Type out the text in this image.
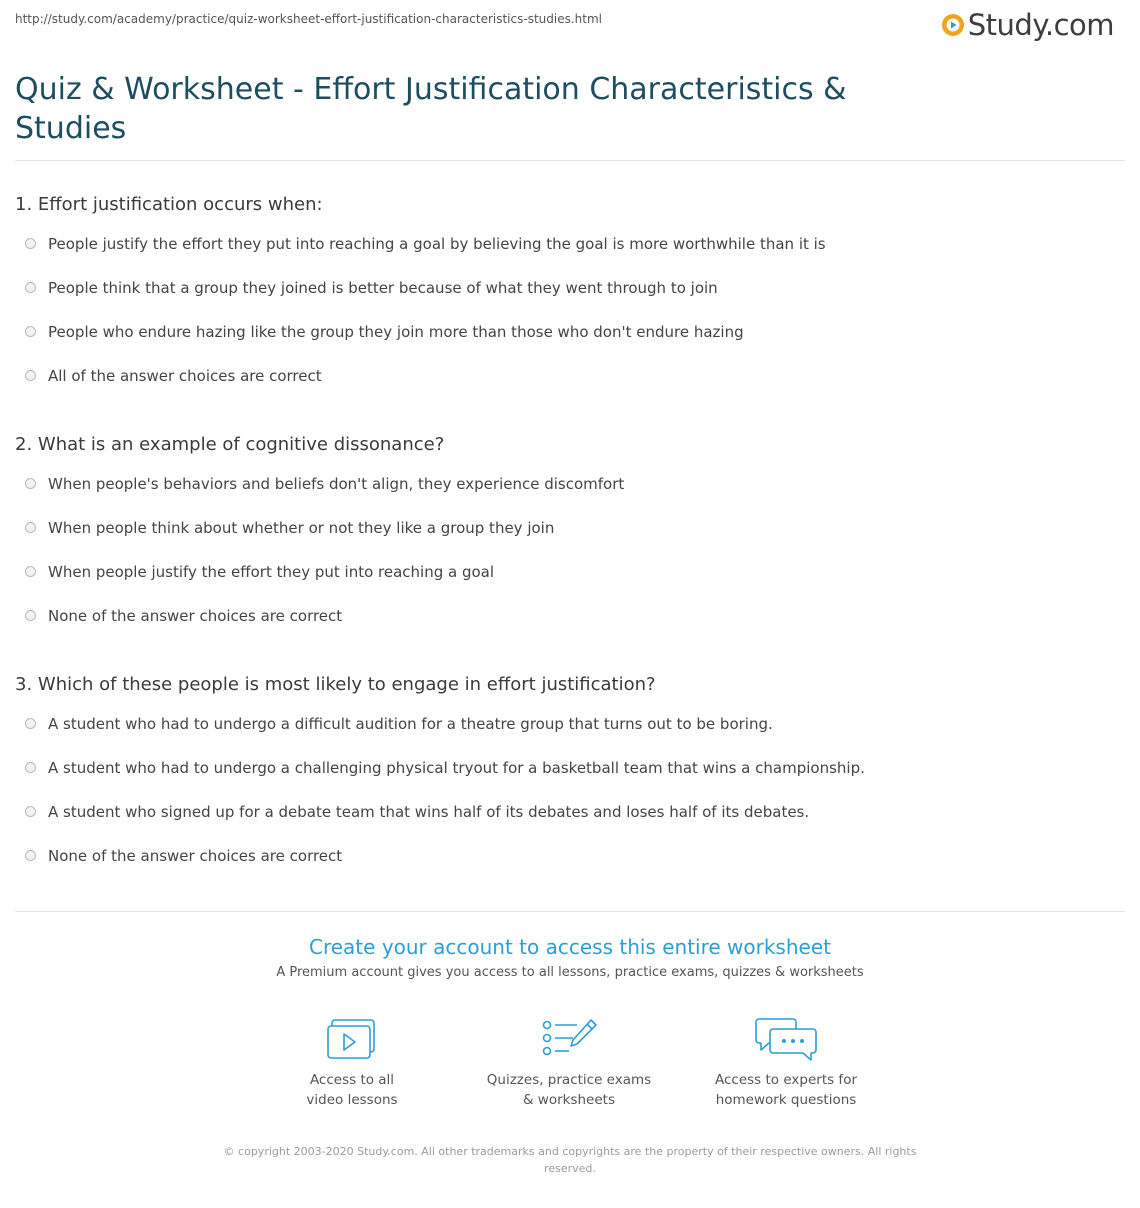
http://study.com/academy/practice/quiz-worksheet-effort-justification-characteristics-studies.html	Study.com
Quiz & Worksheet - Effort Justification Characteristics &
Studies
1. Effort justification occurs when:
People justify the effort they put into reaching a goal by believing the goal is more worthwhile than it is
People think that a group they joined is better because of what they went through to join
People who endure hazing like the group they join more than those who don't endure hazing
All of the answer choices are correct
2. What is an example of cognitive dissonance?
When people's behaviors and beliefs don't align, they experience discomfort
When people think about whether or not they like a group they join
When people justify the effort they put into reaching a goal
None of the answer choices are correct
3. Which of these people is most likely to engage in effort justification?
A student who had to undergo a difficult audition for a theatre group that turns out to be boring.
A student who had to undergo a challenging physical tryout for a basketball team that wins a championship.
A student who signed up for a debate team that wins half of its debates and loses half of its debates.
None of the answer choices are correct
Create your account to access this entire worksheet
A Premium account gives you access to all lessons, practice exams, quizzes & worksheets
Access to all
video lessons
Quizzes, practice exams
& worksheets
Access to experts for
homework questions
© copyright 2003-2020 Study.com. All other trademarks and copyrights are the property of their respective owners. All rights
reserved.
